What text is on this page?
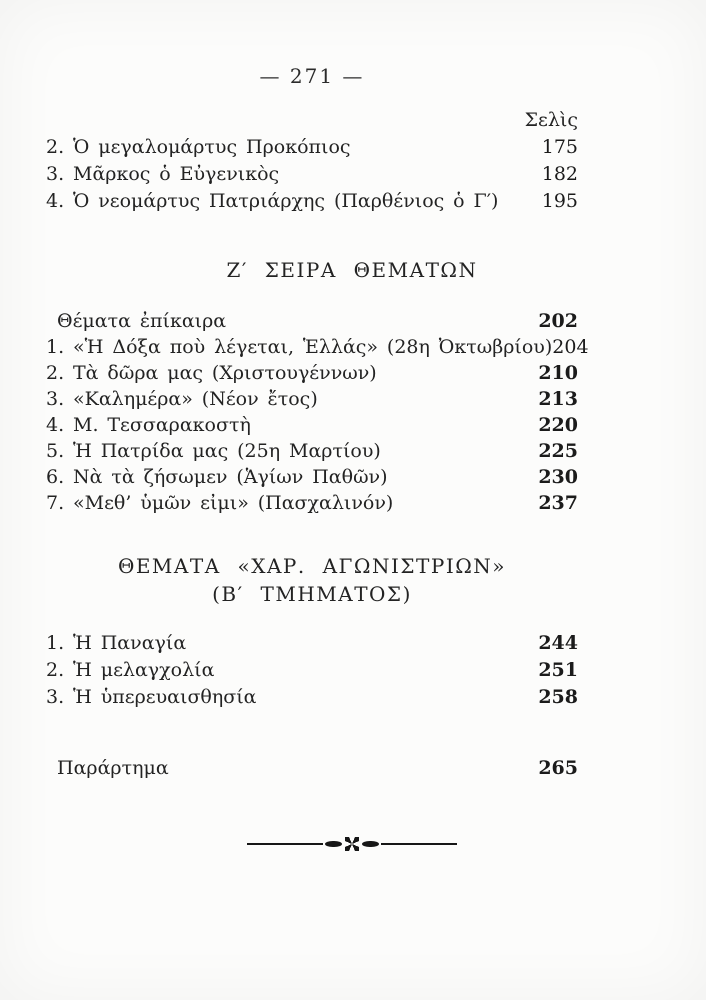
— 271 —
Σελὶς
2. Ὁ μεγαλομάρτυς Προκόπιος	175
3. Μᾶρκος ὁ Εὐγενικὸς	182
4. Ὁ νεομάρτυς Πατριάρχης (Παρθένιος ὁ Γ′) 195
Ζ′ ΣΕΙΡΑ ΘΕΜΑΤΩΝ
Θέματα ἐπίκαιρα	202
1. «Ἡ Δόξα ποὺ λέγεται, Ἑλλάς» (28η Ὀκτωβρίου) 204
2. Τὰ δῶρα μας (Χριστουγέννων)	210
3. «Καλημέρα» (Νέον ἔτος)	213
4. Μ. Τεσσαρακοστὴ	220
5. Ἡ Πατρίδα μας (25η Μαρτίου)	225
6. Νὰ τὰ ζήσωμεν (Ἁγίων Παθῶν)	230
7. «Μεθ’ ὑμῶν εἰμι» (Πασχαλινόν)	237
ΘΕΜΑΤΑ «ΧΑΡ. ΑΓΩΝΙΣΤΡΙΩΝ»
(Β′ ΤΜΗΜΑΤΟΣ)
1. Ἡ Παναγία	244
2. Ἡ μελαγχολία	251
3. Ἡ ὑπερευαισθησία	258
Παράρτημα	265
